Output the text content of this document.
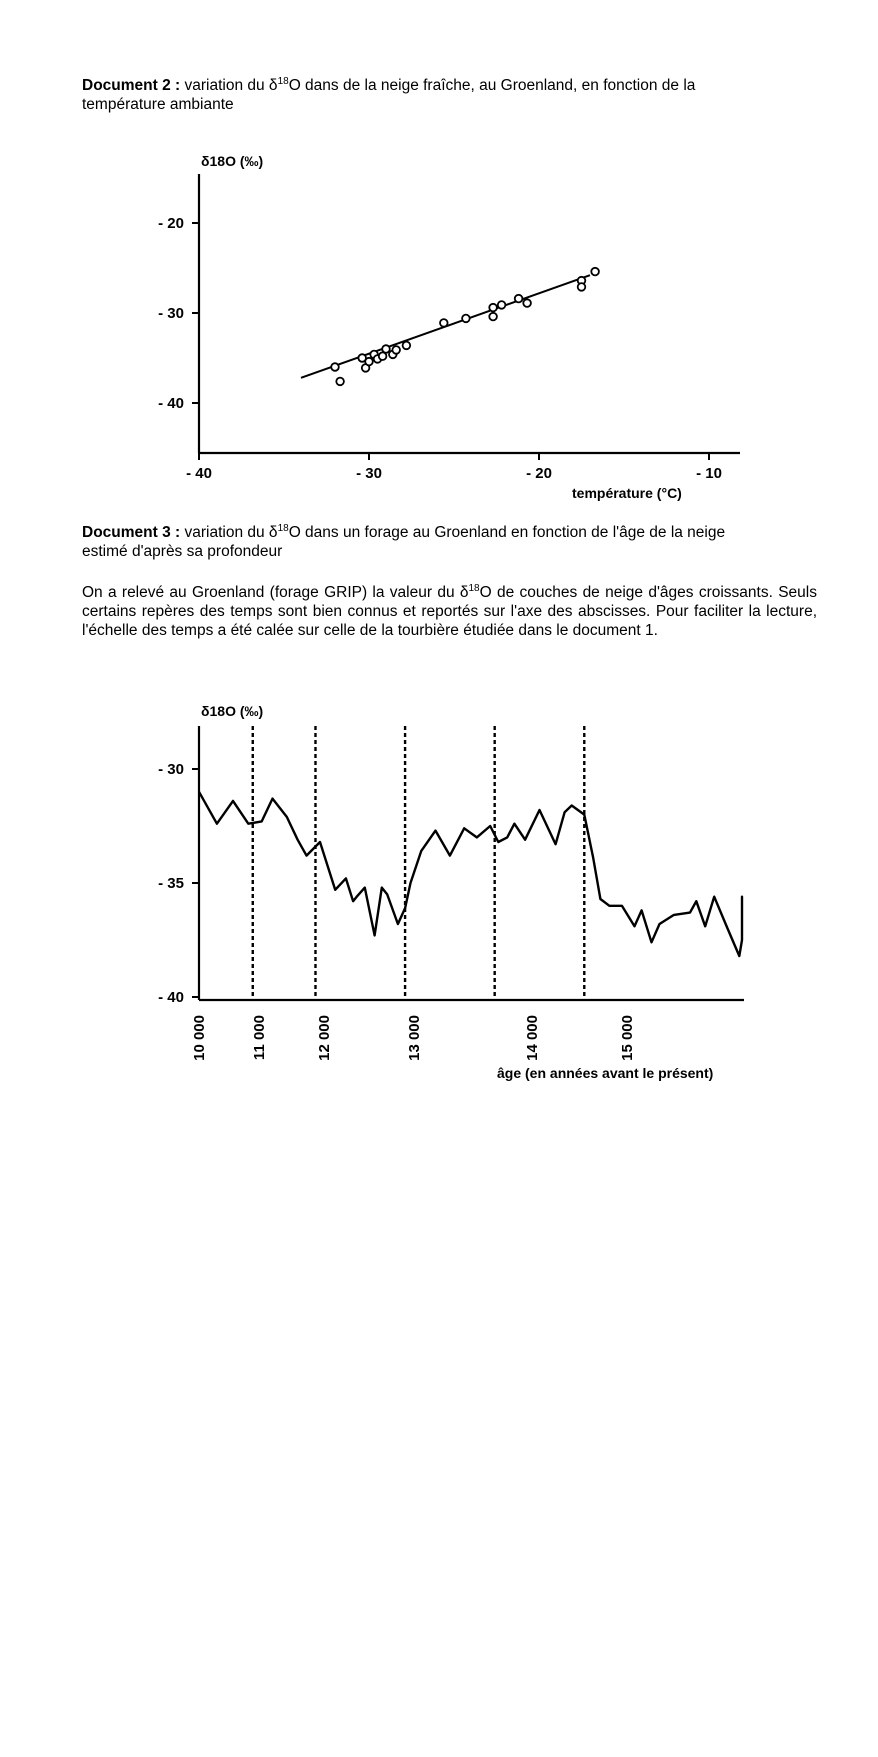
Document 2 : variation du $\delta^{18}O$ dans de la neige fraîche, au Groenland, en fonction de la
température ambiante
δ18O (‰)
- 20
- 30
- 40
- 40	- 30	- 20	- 10
température (°C)
Document 3 : variation du $\delta^{18}O$ dans un forage au Groenland en fonction de l'âge de la neige
estimé d'après sa profondeur
On a relevé au Groenland (forage GRIP) la valeur du $\delta^{18}O$ de couches de neige d'âges croissants. Seuls certains repères des temps sont bien connus et reportés sur l'axe des abscisses. Pour faciliter la lecture, l'échelle des temps a été calée sur celle de la tourbière étudiée dans le document 1.
δ18O (‰)
- 30
- 35
- 40
10 000	11 000	12 000	13 000	14 000	15 000
âge (en années avant le présent)
